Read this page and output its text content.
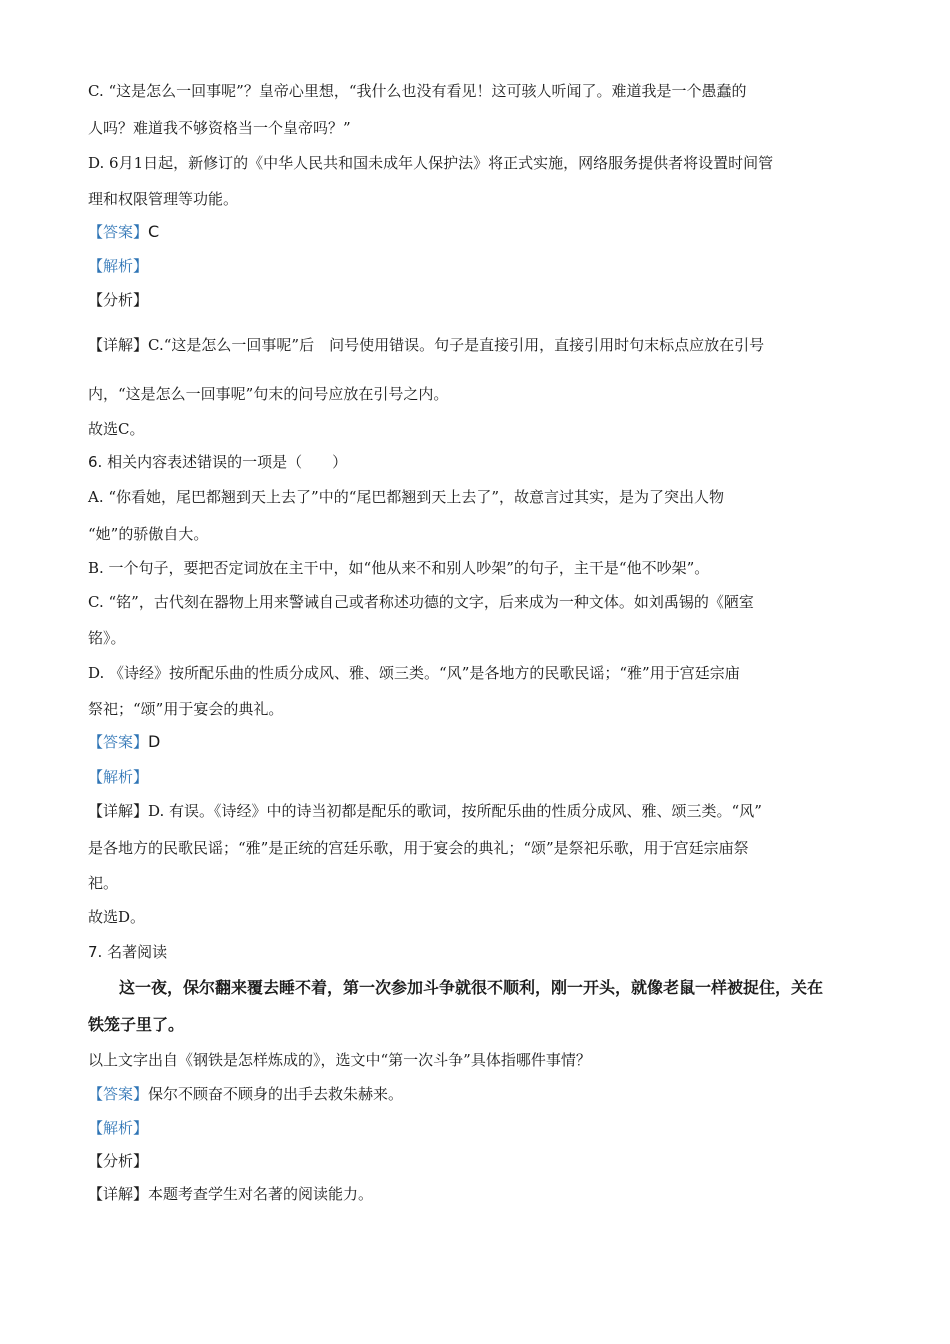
C. “这是怎么一回事呢”？皇帝心里想，“我什么也没有看见！这可骇人听闻了。难道我是一个愚蠢的
人吗？难道我不够资格当一个皇帝吗？”
D. 6月1日起，新修订的《中华人民共和国未成年人保护法》将正式实施，网络服务提供者将设置时间管
理和权限管理等功能。
【答案】C
【解析】
【分析】
【详解】C.“这是怎么一回事呢”后　问号使用错误。句子是直接引用，直接引用时句末标点应放在引号
内，“这是怎么一回事呢”句末的问号应放在引号之内。
故选C。
6. 相关内容表述错误的一项是（　　）
A. “你看她，尾巴都翘到天上去了”中的“尾巴都翘到天上去了”，故意言过其实，是为了突出人物
“她”的骄傲自大。
B. 一个句子，要把否定词放在主干中，如“他从来不和别人吵架”的句子，主干是“他不吵架”。
C. “铭”，古代刻在器物上用来警诫自己或者称述功德的文字，后来成为一种文体。如刘禹锡的《陋室
铭》。
D. 《诗经》按所配乐曲的性质分成风、雅、颂三类。“风”是各地方的民歌民谣；“雅”用于宫廷宗庙
祭祀；“颂”用于宴会的典礼。
【答案】D
【解析】
【详解】D. 有误。《诗经》中的诗当初都是配乐的歌词，按所配乐曲的性质分成风、雅、颂三类。“风”
是各地方的民歌民谣；“雅”是正统的宫廷乐歌，用于宴会的典礼；“颂”是祭祀乐歌，用于宫廷宗庙祭
祀。
故选D。
7. 名著阅读
这一夜，保尔翻来覆去睡不着，第一次参加斗争就很不顺利，刚一开头，就像老鼠一样被捉住，关在
铁笼子里了。
以上文字出自《钢铁是怎样炼成的》，选文中“第一次斗争”具体指哪件事情？
【答案】保尔不顾奋不顾身的出手去救朱赫来。
【解析】
【分析】
【详解】本题考查学生对名著的阅读能力。
